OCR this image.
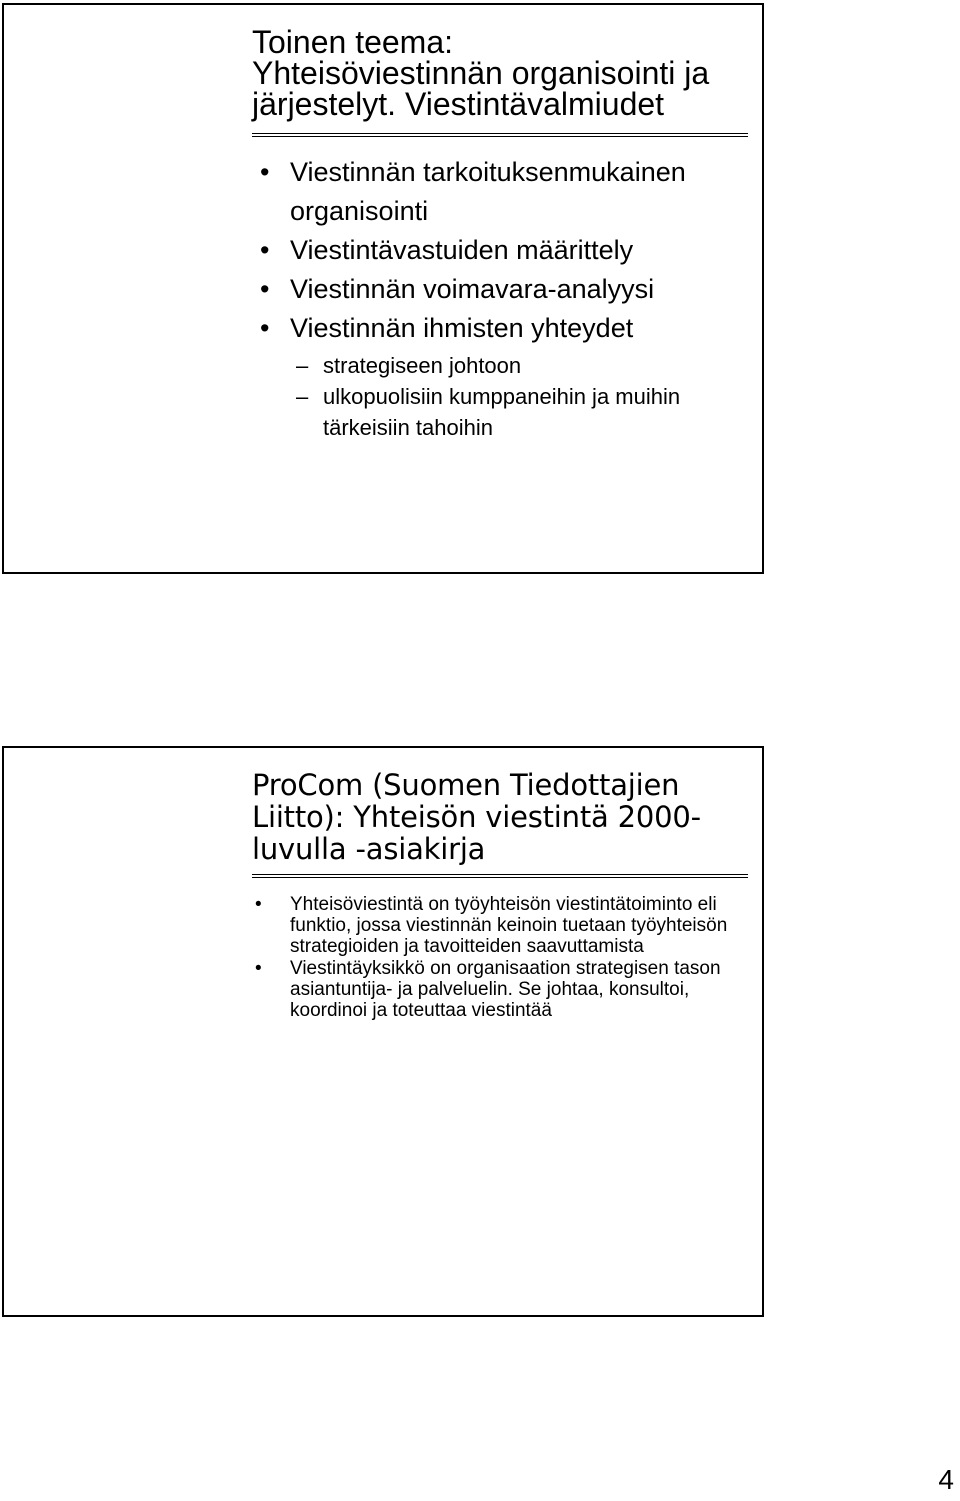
Toinen teema:
Yhteisöviestinnän organisointi ja
järjestelyt. Viestintävalmiudet
• Viestinnän tarkoituksenmukainen organisointi
• Viestintävastuiden määrittely
• Viestinnän voimavara-analyysi
• Viestinnän ihmisten yhteydet
– strategiseen johtoon
– ulkopuolisiin kumppaneihin ja muihin tärkeisiin tahoihin
ProCom (Suomen Tiedottajien
Liitto): Yhteisön viestintä 2000-
luvulla -asiakirja
• Yhteisöviestintä on työyhteisön viestintätoiminto eli funktio, jossa viestinnän keinoin tuetaan työyhteisön strategioiden ja tavoitteiden saavuttamista
• Viestintäyksikkö on organisaation strategisen tason asiantuntija- ja palveluelin. Se johtaa, konsultoi, koordinoi ja toteuttaa viestintää
4
